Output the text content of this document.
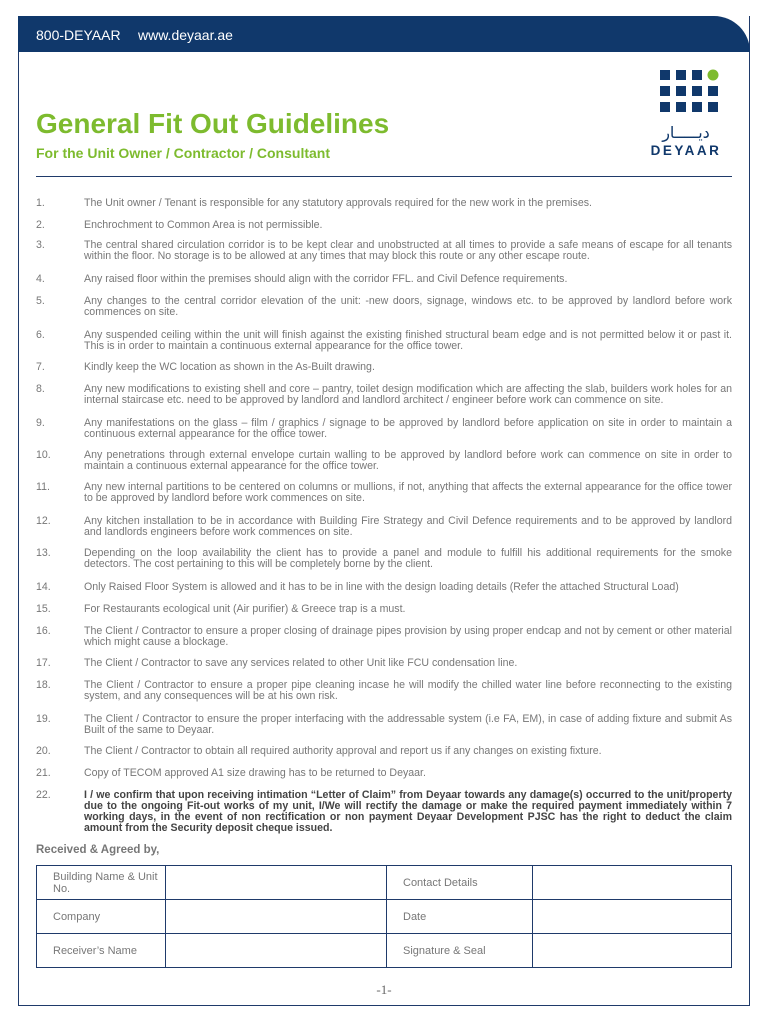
800-DEYAAR www.deyaar.ae
General Fit Out Guidelines
For the Unit Owner / Contractor / Consultant
ديـــــار
DEYAAR
1.	The Unit owner / Tenant is responsible for any statutory approvals required for the new work in the premises.
2.	Enchrochment to Common Area is not permissible.
3.	The central shared circulation corridor is to be kept clear and unobstructed at all times to provide a safe means of escape for all tenants within the floor. No storage is to be allowed at any times that may block this route or any other escape route.
4.	Any raised floor within the premises should align with the corridor FFL. and Civil Defence requirements.
5.	Any changes to the central corridor elevation of the unit: -new doors, signage, windows etc. to be approved by landlord before work commences on site.
6.	Any suspended ceiling within the unit will finish against the existing finished structural beam edge and is not permitted below it or past it. This is in order to maintain a continuous external appearance for the office tower.
7.	Kindly keep the WC location as shown in the As-Built drawing.
8.	Any new modifications to existing shell and core – pantry, toilet design modification which are affecting the slab, builders work holes for an internal staircase etc. need to be approved by landlord and landlord architect / engineer before work can commence on site.
9.	Any manifestations on the glass – film / graphics / signage to be approved by landlord before application on site in order to maintain a continuous external appearance for the office tower.
10.	Any penetrations through external envelope curtain walling to be approved by landlord before work can commence on site in order to maintain a continuous external appearance for the office tower.
11.	Any new internal partitions to be centered on columns or mullions, if not, anything that affects the external appearance for the office tower to be approved by landlord before work commences on site.
12.	Any kitchen installation to be in accordance with Building Fire Strategy and Civil Defence requirements and to be approved by landlord and landlords engineers before work commences on site.
13.	Depending on the loop availability the client has to provide a panel and module to fulfill his additional requirements for the smoke detectors. The cost pertaining to this will be completely borne by the client.
14.	Only Raised Floor System is allowed and it has to be in line with the design loading details (Refer the attached Structural Load)
15.	For Restaurants ecological unit (Air purifier) & Greece trap is a must.
16.	The Client / Contractor to ensure a proper closing of drainage pipes provision by using proper endcap and not by cement or other material which might cause a blockage.
17.	The Client / Contractor to save any services related to other Unit like FCU condensation line.
18.	The Client / Contractor to ensure a proper pipe cleaning incase he will modify the chilled water line before reconnecting to the existing system, and any consequences will be at his own risk.
19.	The Client / Contractor to ensure the proper interfacing with the addressable system (i.e FA, EM), in case of adding fixture and submit As Built of the same to Deyaar.
20.	The Client / Contractor to obtain all required authority approval and report us if any changes on existing fixture.
21.	Copy of TECOM approved A1 size drawing has to be returned to Deyaar.
22.	I / we confirm that upon receiving intimation “Letter of Claim” from Deyaar towards any damage(s) occurred to the unit/property due to the ongoing Fit-out works of my unit, I/We will rectify the damage or make the required payment immediately within 7 working days, in the event of non rectification or non payment Deyaar Development PJSC has the right to deduct the claim amount from the Security deposit cheque issued.
Received & Agreed by,
Building Name & Unit No.		Contact Details	
Company		Date	
Receiver’s Name		Signature & Seal	
-1-
